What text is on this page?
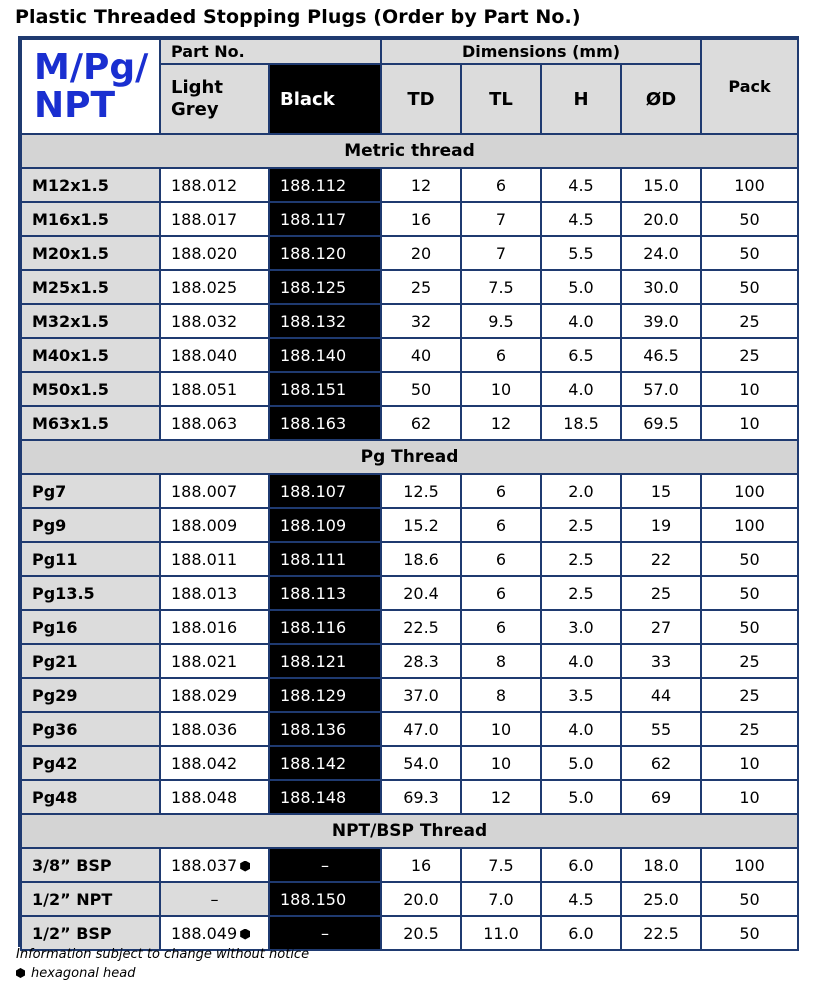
Plastic Threaded Stopping Plugs (Order by Part No.)
M/Pg/
NPT	Part No.		Dimensions (mm)				Pack
	Light Grey	Black	TD	TL	H	ØD	
Metric thread							
M12x1.5	188.012	188.112	12	6	4.5	15.0	100
M16x1.5	188.017	188.117	16	7	4.5	20.0	50
M20x1.5	188.020	188.120	20	7	5.5	24.0	50
M25x1.5	188.025	188.125	25	7.5	5.0	30.0	50
M32x1.5	188.032	188.132	32	9.5	4.0	39.0	25
M40x1.5	188.040	188.140	40	6	6.5	46.5	25
M50x1.5	188.051	188.151	50	10	4.0	57.0	10
M63x1.5	188.063	188.163	62	12	18.5	69.5	10
Pg Thread							
Pg7	188.007	188.107	12.5	6	2.0	15	100
Pg9	188.009	188.109	15.2	6	2.5	19	100
Pg11	188.011	188.111	18.6	6	2.5	22	50
Pg13.5	188.013	188.113	20.4	6	2.5	25	50
Pg16	188.016	188.116	22.5	6	3.0	27	50
Pg21	188.021	188.121	28.3	8	4.0	33	25
Pg29	188.029	188.129	37.0	8	3.5	44	25
Pg36	188.036	188.136	47.0	10	4.0	55	25
Pg42	188.042	188.142	54.0	10	5.0	62	10
Pg48	188.048	188.148	69.3	12	5.0	69	10
NPT/BSP Thread							
3/8” BSP	188.037	–	16	7.5	6.0	18.0	100
1/2” NPT	–	188.150	20.0	7.0	4.5	25.0	50
1/2” BSP	188.049	–	20.5	11.0	6.0	22.5	50
Information subject to change without notice
hexagonal head
